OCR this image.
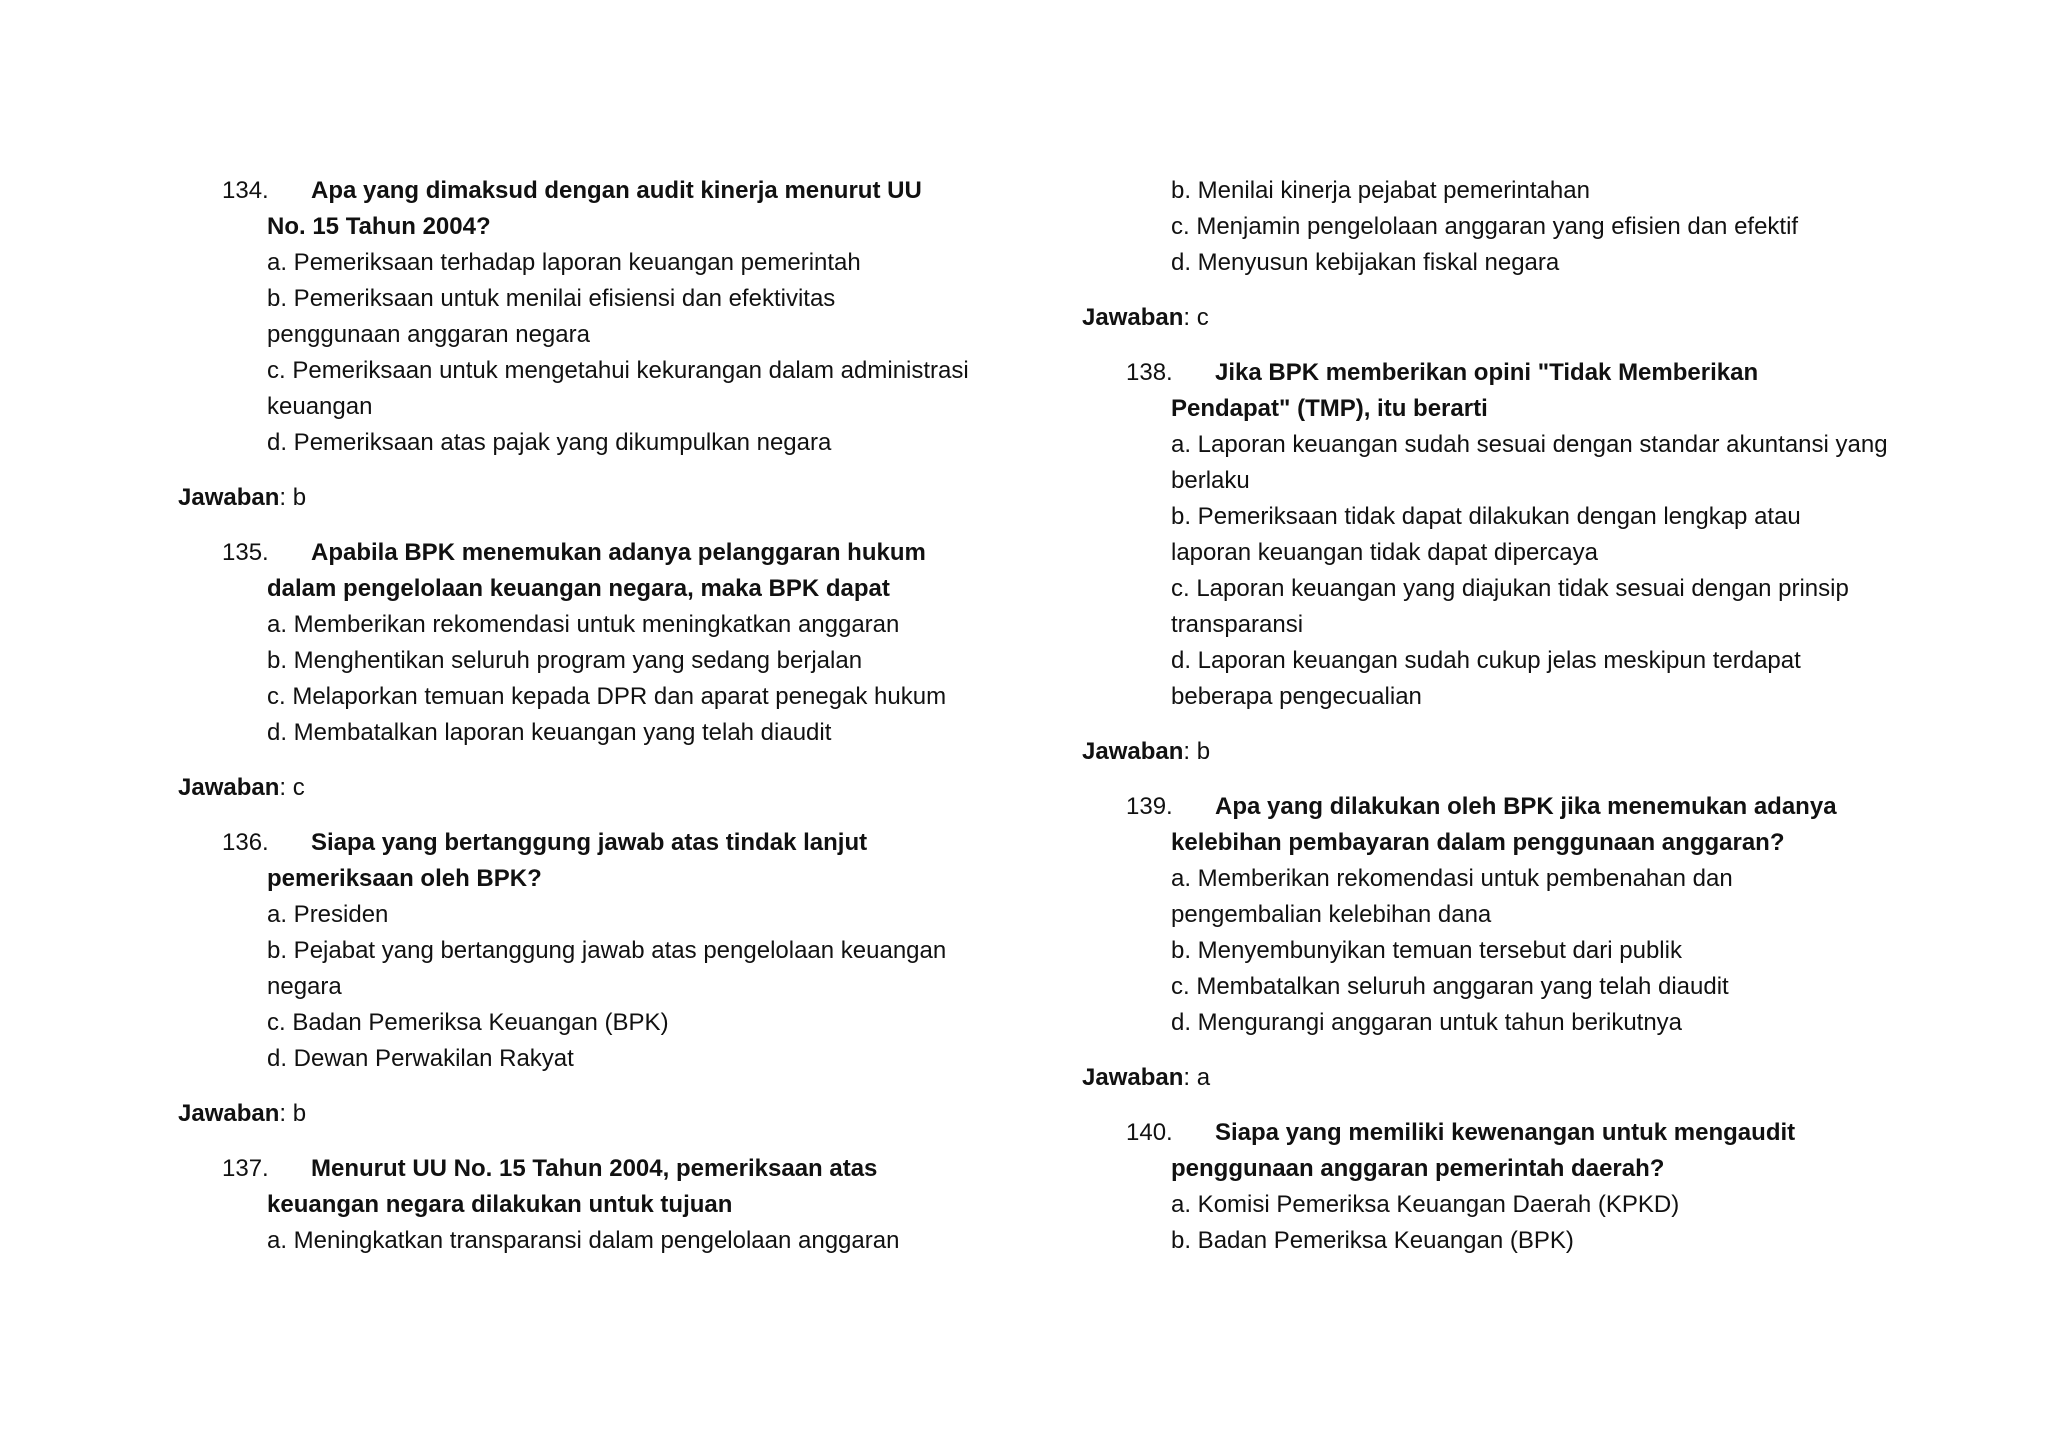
134.	Apa yang dimaksud dengan audit kinerja menurut UU
No. 15 Tahun 2004?
a. Pemeriksaan terhadap laporan keuangan pemerintah
b. Pemeriksaan untuk menilai efisiensi dan efektivitas
penggunaan anggaran negara
c. Pemeriksaan untuk mengetahui kekurangan dalam administrasi
keuangan
d. Pemeriksaan atas pajak yang dikumpulkan negara
Jawaban: b
135.	Apabila BPK menemukan adanya pelanggaran hukum
dalam pengelolaan keuangan negara, maka BPK dapat
a. Memberikan rekomendasi untuk meningkatkan anggaran
b. Menghentikan seluruh program yang sedang berjalan
c. Melaporkan temuan kepada DPR dan aparat penegak hukum
d. Membatalkan laporan keuangan yang telah diaudit
Jawaban: c
136.	Siapa yang bertanggung jawab atas tindak lanjut
pemeriksaan oleh BPK?
a. Presiden
b. Pejabat yang bertanggung jawab atas pengelolaan keuangan
negara
c. Badan Pemeriksa Keuangan (BPK)
d. Dewan Perwakilan Rakyat
Jawaban: b
137.	Menurut UU No. 15 Tahun 2004, pemeriksaan atas
keuangan negara dilakukan untuk tujuan
a. Meningkatkan transparansi dalam pengelolaan anggaran
b. Menilai kinerja pejabat pemerintahan
c. Menjamin pengelolaan anggaran yang efisien dan efektif
d. Menyusun kebijakan fiskal negara
Jawaban: c
138.	Jika BPK memberikan opini "Tidak Memberikan
Pendapat" (TMP), itu berarti
a. Laporan keuangan sudah sesuai dengan standar akuntansi yang
berlaku
b. Pemeriksaan tidak dapat dilakukan dengan lengkap atau
laporan keuangan tidak dapat dipercaya
c. Laporan keuangan yang diajukan tidak sesuai dengan prinsip
transparansi
d. Laporan keuangan sudah cukup jelas meskipun terdapat
beberapa pengecualian
Jawaban: b
139.	Apa yang dilakukan oleh BPK jika menemukan adanya
kelebihan pembayaran dalam penggunaan anggaran?
a. Memberikan rekomendasi untuk pembenahan dan
pengembalian kelebihan dana
b. Menyembunyikan temuan tersebut dari publik
c. Membatalkan seluruh anggaran yang telah diaudit
d. Mengurangi anggaran untuk tahun berikutnya
Jawaban: a
140.	Siapa yang memiliki kewenangan untuk mengaudit
penggunaan anggaran pemerintah daerah?
a. Komisi Pemeriksa Keuangan Daerah (KPKD)
b. Badan Pemeriksa Keuangan (BPK)
